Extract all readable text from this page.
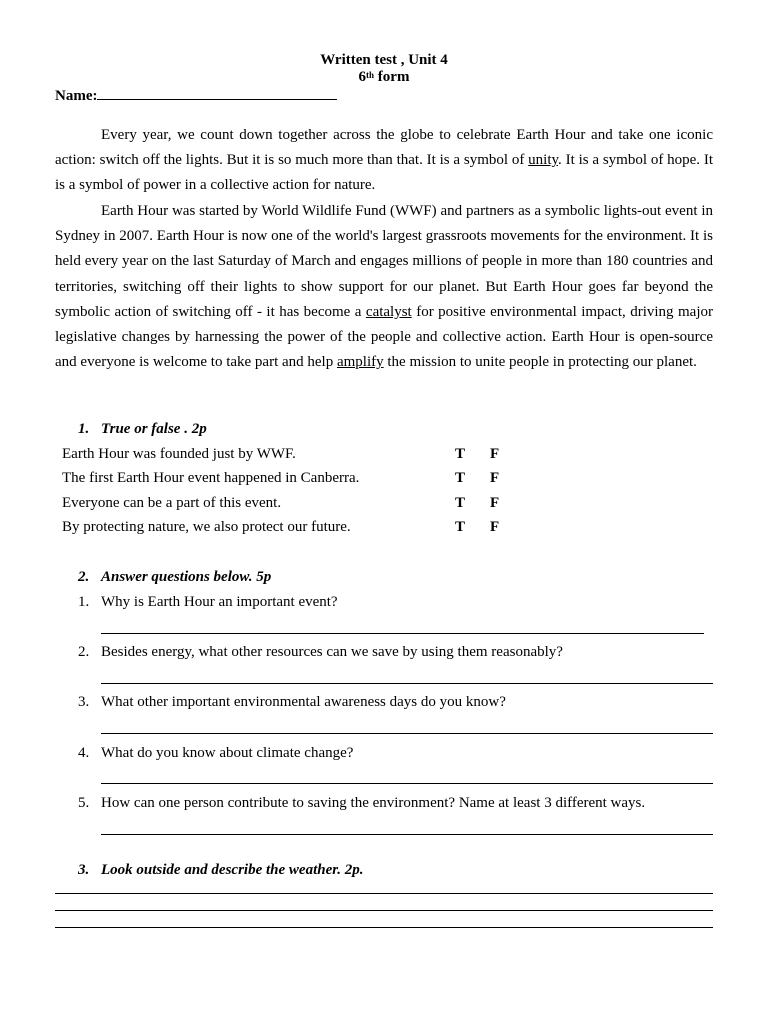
Written test , Unit 4
6th form
Name:

Every year, we count down together across the globe to celebrate Earth Hour and take one iconic action: switch off the lights. But it is so much more than that. It is a symbol of unity. It is a symbol of hope. It is a symbol of power in a collective action for nature.

Earth Hour was started by World Wildlife Fund (WWF) and partners as a symbolic lights-out event in Sydney in 2007. Earth Hour is now one of the world's largest grassroots movements for the environment. It is held every year on the last Saturday of March and engages millions of people in more than 180 countries and territories, switching off their lights to show support for our planet. But Earth Hour goes far beyond the symbolic action of switching off - it has become a catalyst for positive environmental impact, driving major legislative changes by harnessing the power of the people and collective action. Earth Hour is open-source and everyone is welcome to take part and help amplify the mission to unite people in protecting our planet.

1. True or false . 2p
Earth Hour was founded just by WWF.	T F
The first Earth Hour event happened in Canberra.	T F
Everyone can be a part of this event.	T F
By protecting nature, we also protect our future.	T F
2. Answer questions below. 5p
1. Why is Earth Hour an important event?
2. Besides energy, what other resources can we save by using them reasonably?
3. What other important environmental awareness days do you know?
4. What do you know about climate change?
5. How can one person contribute to saving the environment? Name at least 3 different ways.
3. Look outside and describe the weather. 2p.
